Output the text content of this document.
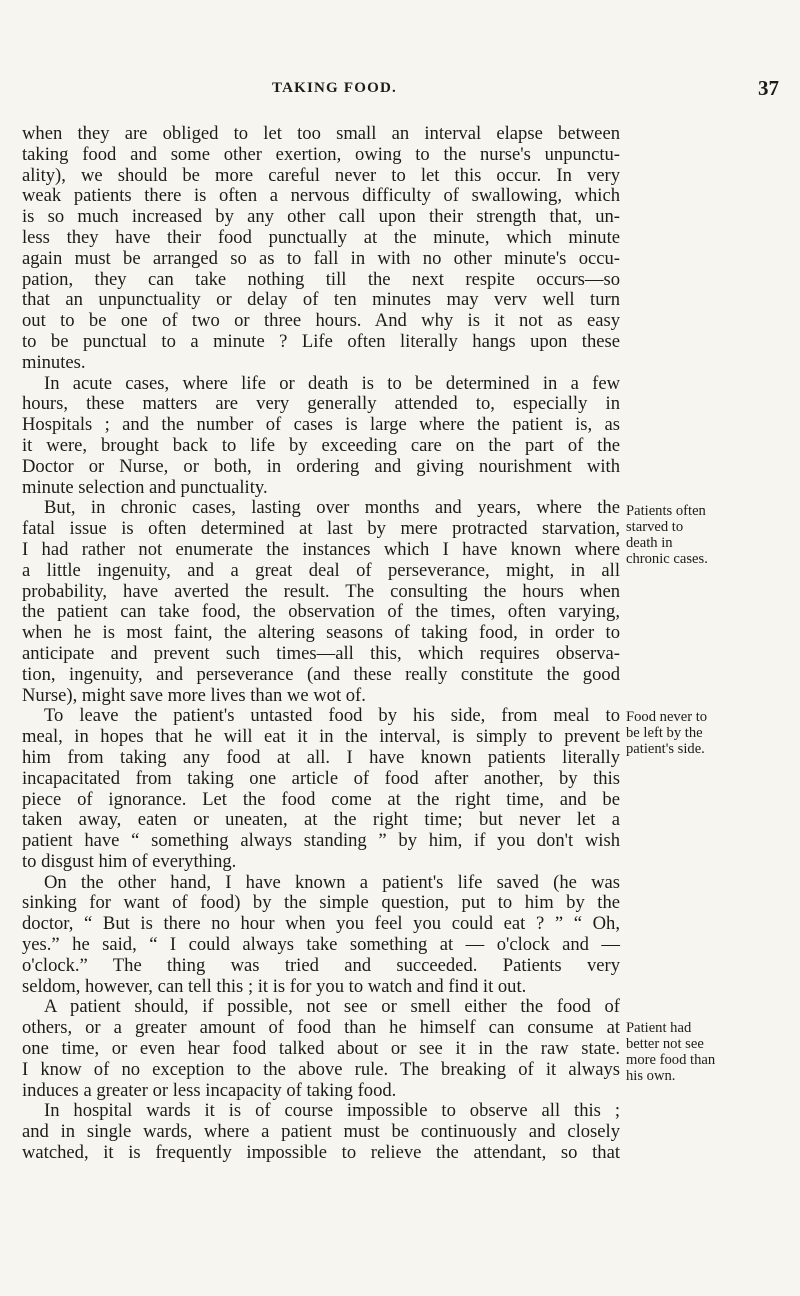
TAKING FOOD.	37
when they are obliged to let too small an interval elapse between
taking food and some other exertion, owing to the nurse's unpunctu-
ality), we should be more careful never to let this occur. In very
weak patients there is often a nervous difficulty of swallowing, which
is so much increased by any other call upon their strength that, un-
less they have their food punctually at the minute, which minute
again must be arranged so as to fall in with no other minute's occu-
pation, they can take nothing till the next respite occurs—so
that an unpunctuality or delay of ten minutes may verv well turn
out to be one of two or three hours. And why is it not as easy
to be punctual to a minute ? Life often literally hangs upon these
minutes.
In acute cases, where life or death is to be determined in a few
hours, these matters are very generally attended to, especially in
Hospitals ; and the number of cases is large where the patient is, as
it were, brought back to life by exceeding care on the part of the
Doctor or Nurse, or both, in ordering and giving nourishment with
minute selection and punctuality.
But, in chronic cases, lasting over months and years, where the
fatal issue is often determined at last by mere protracted starvation,
I had rather not enumerate the instances which I have known where
a little ingenuity, and a great deal of perseverance, might, in all
probability, have averted the result. The consulting the hours when
the patient can take food, the observation of the times, often varying,
when he is most faint, the altering seasons of taking food, in order to
anticipate and prevent such times—all this, which requires observa-
tion, ingenuity, and perseverance (and these really constitute the good
Nurse), might save more lives than we wot of.
To leave the patient's untasted food by his side, from meal to
meal, in hopes that he will eat it in the interval, is simply to prevent
him from taking any food at all. I have known patients literally
incapacitated from taking one article of food after another, by this
piece of ignorance. Let the food come at the right time, and be
taken away, eaten or uneaten, at the right time; but never let a
patient have “ something always standing ” by him, if you don't wish
to disgust him of everything.
On the other hand, I have known a patient's life saved (he was
sinking for want of food) by the simple question, put to him by the
doctor, “ But is there no hour when you feel you could eat ? ” “ Oh,
yes.” he said, “ I could always take something at — o'clock and —
o'clock.” The thing was tried and succeeded. Patients very
seldom, however, can tell this ; it is for you to watch and find it out.
A patient should, if possible, not see or smell either the food of
others, or a greater amount of food than he himself can consume at
one time, or even hear food talked about or see it in the raw state.
I know of no exception to the above rule. The breaking of it always
induces a greater or less incapacity of taking food.
In hospital wards it is of course impossible to observe all this ;
and in single wards, where a patient must be continuously and closely
watched, it is frequently impossible to relieve the attendant, so that
Patients often
starved to
death in
chronic cases.
Food never to
be left by the
patient's side.
Patient had
better not see
more food than
his own.
